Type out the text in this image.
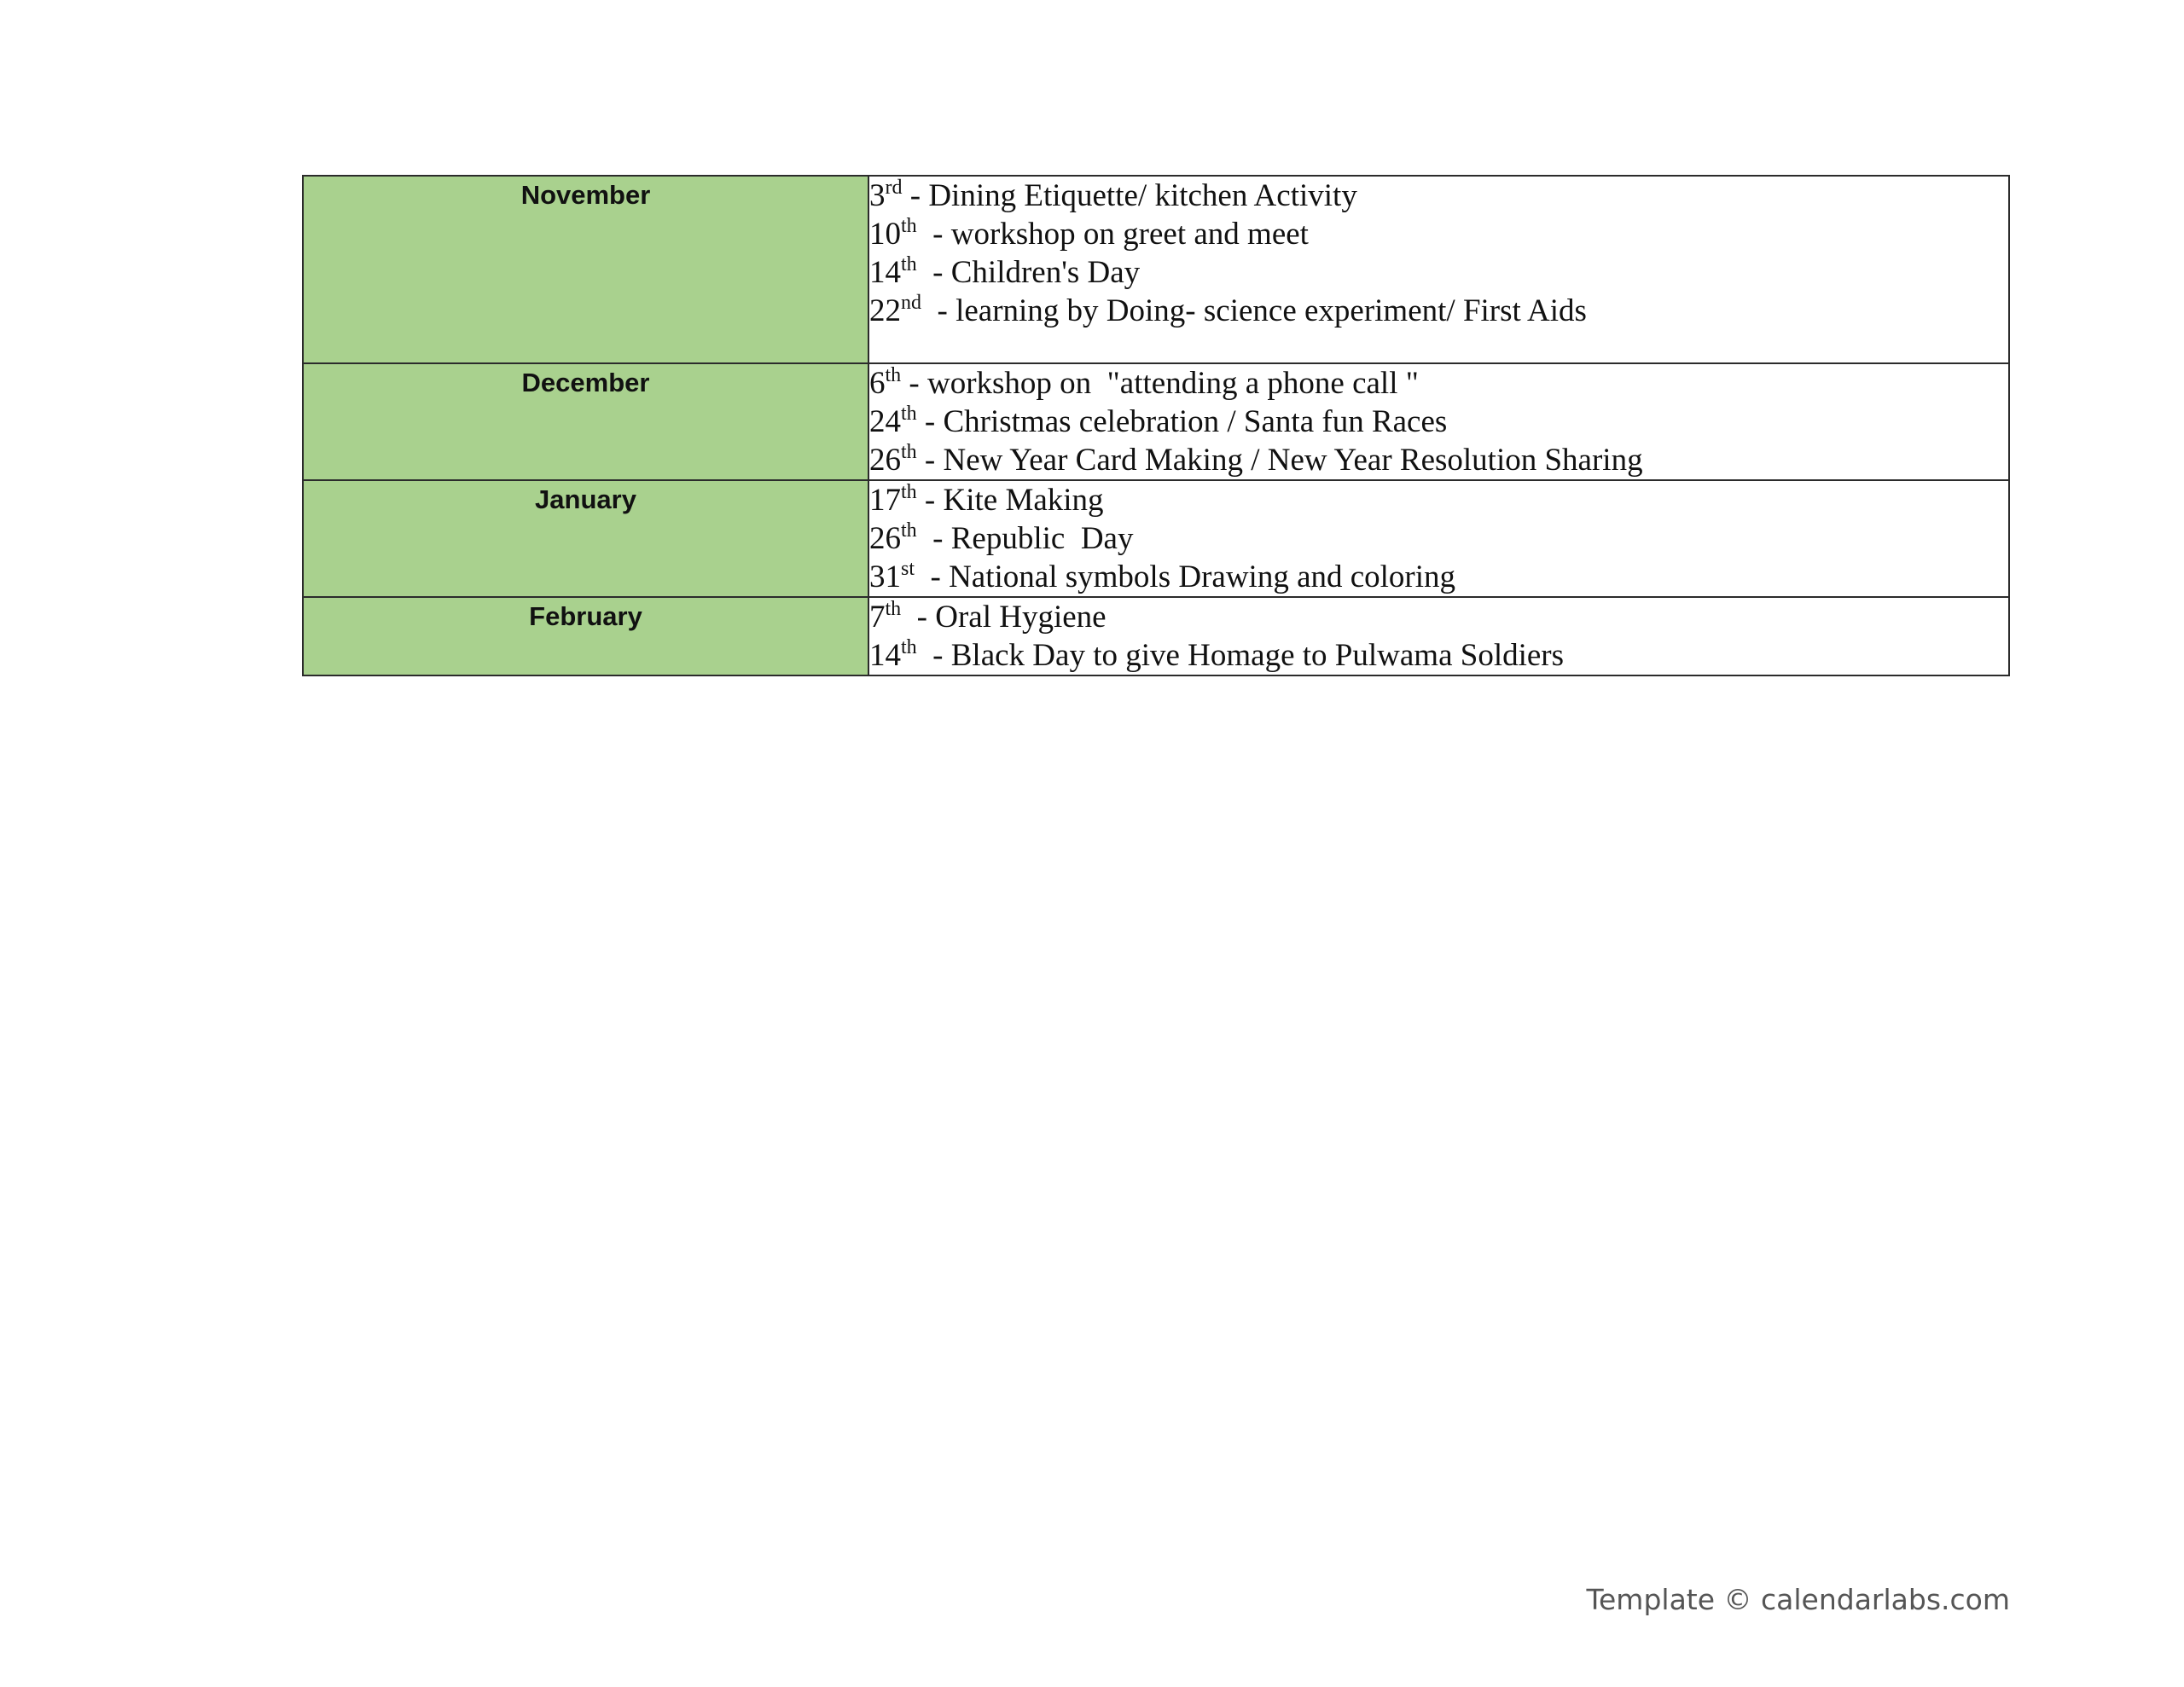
November	3rd - Dining Etiquette/ kitchen Activity
10th  - workshop on greet and meet
14th  - Children's Day
22nd  - learning by Doing- science experiment/ First Aids

December	6th - workshop on  "attending a phone call "
24th - Christmas celebration / Santa fun Races
26th - New Year Card Making / New Year Resolution Sharing

January	17th - Kite Making
26th  - Republic  Day
31st  - National symbols Drawing and coloring

February	7th  - Oral Hygiene
14th  - Black Day to give Homage to Pulwama Soldiers
Template © calendarlabs.com
